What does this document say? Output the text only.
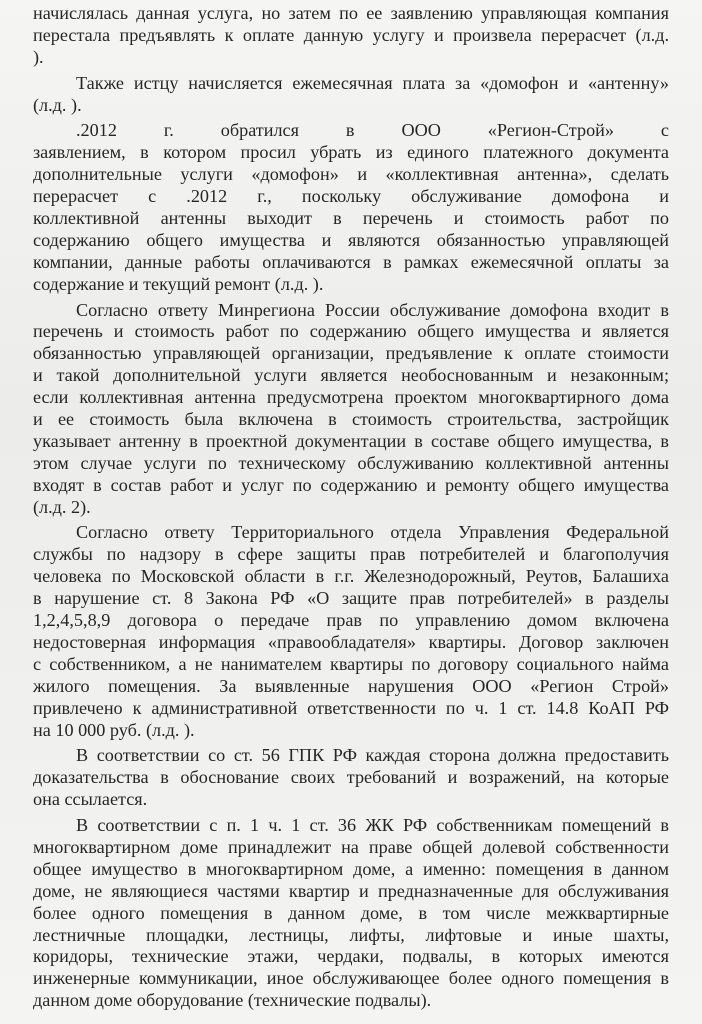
начислялась данная услуга, но затем по ее заявлению управляющая компания
перестала предъявлять к оплате данную услугу и произвела перерасчет (л.д.
).
Также истцу начисляется ежемесячная плата за «домофон и «антенну»
(л.д. ).
.2012 г. обратился в ООО «Регион-Строй» с
заявлением, в котором просил убрать из единого платежного документа
дополнительные услуги «домофон» и «коллективная антенна», сделать
перерасчет с .2012 г., поскольку обслуживание домофона и
коллективной антенны выходит в перечень и стоимость работ по
содержанию общего имущества и являются обязанностью управляющей
компании, данные работы оплачиваются в рамках ежемесячной оплаты за
содержание и текущий ремонт (л.д. ).
Согласно ответу Минрегиона России обслуживание домофона входит в
перечень и стоимость работ по содержанию общего имущества и является
обязанностью управляющей организации, предъявление к оплате стоимости
и такой дополнительной услуги является необоснованным и незаконным;
если коллективная антенна предусмотрена проектом многоквартирного дома
и ее стоимость была включена в стоимость строительства, застройщик
указывает антенну в проектной документации в составе общего имущества, в
этом случае услуги по техническому обслуживанию коллективной антенны
входят в состав работ и услуг по содержанию и ремонту общего имущества
(л.д. 2).
Согласно ответу Территориального отдела Управления Федеральной
службы по надзору в сфере защиты прав потребителей и благополучия
человека по Московской области в г.г. Железнодорожный, Реутов, Балашиха
в нарушение ст. 8 Закона РФ «О защите прав потребителей» в разделы
1,2,4,5,8,9 договора о передаче прав по управлению домом включена
недостоверная информация «правообладателя» квартиры. Договор заключен
с собственником, а не нанимателем квартиры по договору социального найма
жилого помещения. За выявленные нарушения ООО «Регион Строй»
привлечено к административной ответственности по ч. 1 ст. 14.8 КоАП РФ
на 10 000 руб. (л.д. ).
В соответствии со ст. 56 ГПК РФ каждая сторона должна предоставить
доказательства в обоснование своих требований и возражений, на которые
она ссылается.
В соответствии с п. 1 ч. 1 ст. 36 ЖК РФ собственникам помещений в
многоквартирном доме принадлежит на праве общей долевой собственности
общее имущество в многоквартирном доме, а именно: помещения в данном
доме, не являющиеся частями квартир и предназначенные для обслуживания
более одного помещения в данном доме, в том числе межквартирные
лестничные площадки, лестницы, лифты, лифтовые и иные шахты,
коридоры, технические этажи, чердаки, подвалы, в которых имеются
инженерные коммуникации, иное обслуживающее более одного помещения в
данном доме оборудование (технические подвалы).
